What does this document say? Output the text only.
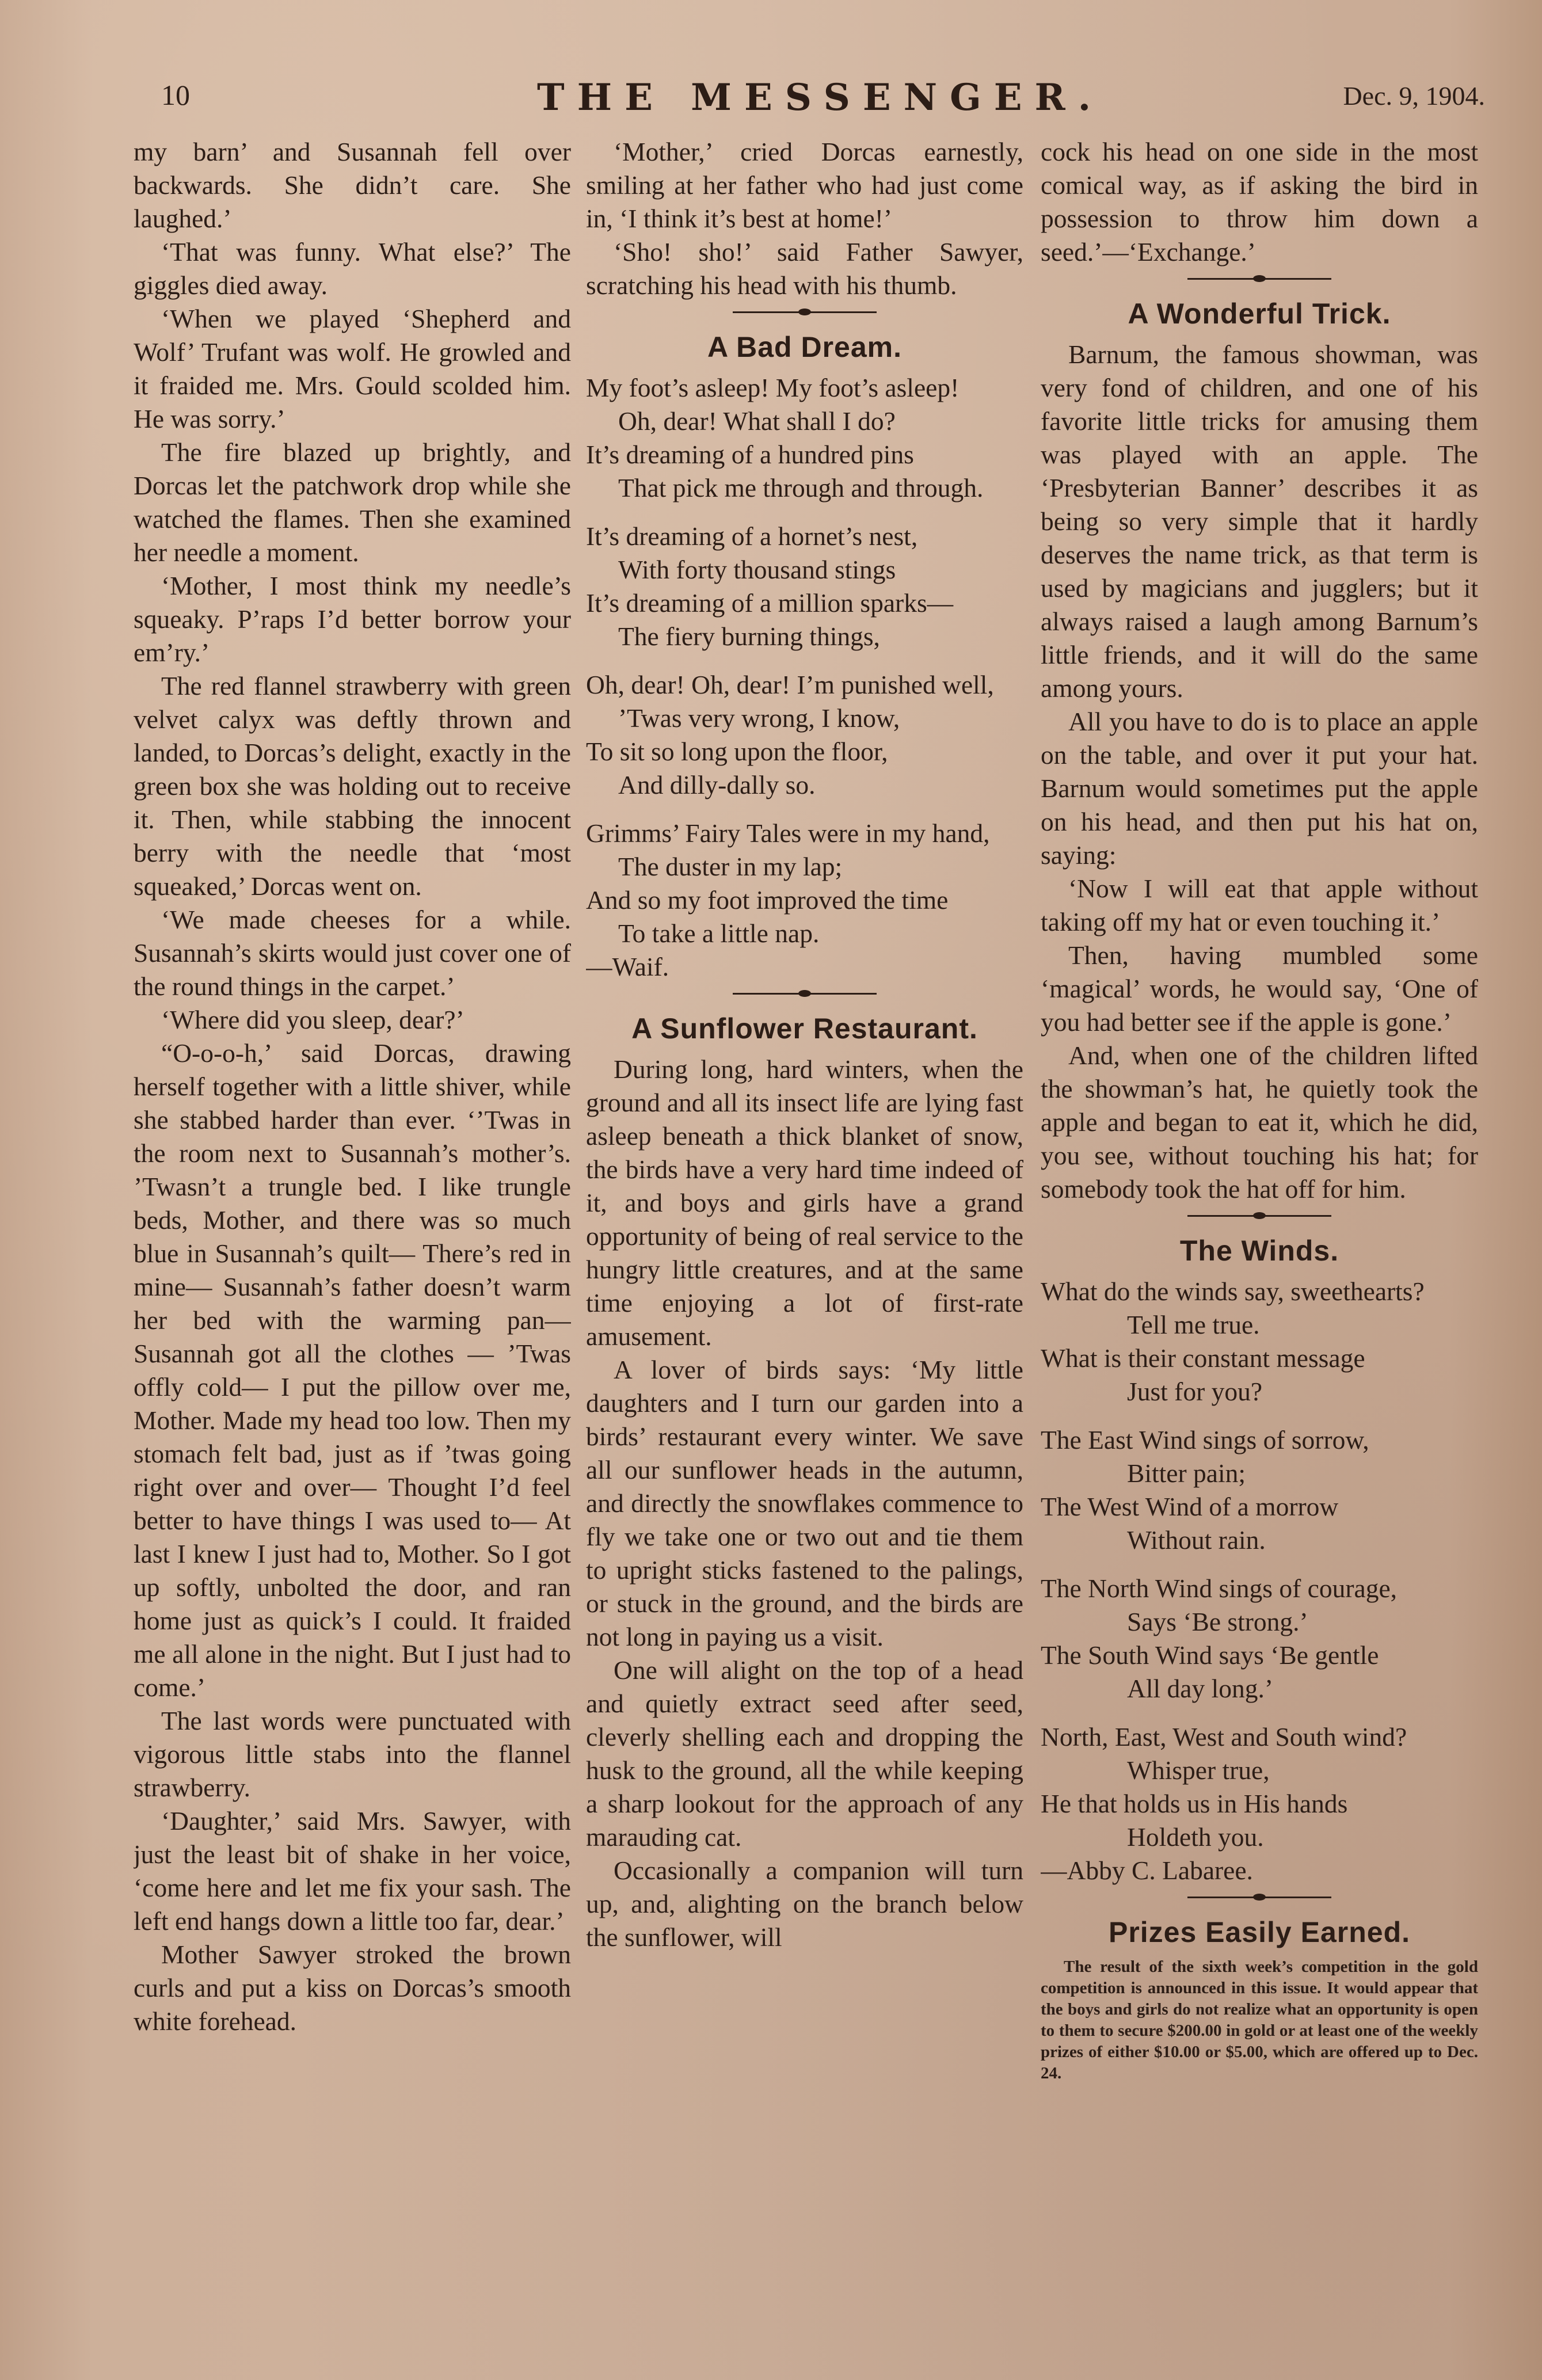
10	THE MESSENGER.	Dec. 9, 1904.

my barn’ and Susannah fell over backwards. She didn’t care. She laughed.’

‘That was funny. What else?’ The giggles died away.

‘When we played ‘Shepherd and Wolf’ Trufant was wolf. He growled and it fraided me. Mrs. Gould scolded him. He was sorry.’

The fire blazed up brightly, and Dorcas let the patchwork drop while she watched the flames. Then she examined her needle a moment.

‘Mother, I most think my needle’s squeaky. P’raps I’d better borrow your em’ry.’

The red flannel strawberry with green velvet calyx was deftly thrown and landed, to Dorcas’s delight, exactly in the green box she was holding out to receive it. Then, while stabbing the innocent berry with the needle that ‘most squeaked,’ Dorcas went on.

‘We made cheeses for a while. Susannah’s skirts would just cover one of the round things in the carpet.’

‘Where did you sleep, dear?’

“O-o-o-h,’ said Dorcas, drawing herself together with a little shiver, while she stabbed harder than ever. ‘’Twas in the room next to Susannah’s mother’s. ’Twasn’t a trungle bed. I like trungle beds, Mother, and there was so much blue in Susannah’s quilt— There’s red in mine— Susannah’s father doesn’t warm her bed with the warming pan— Susannah got all the clothes — ’Twas offly cold— I put the pillow over me, Mother. Made my head too low. Then my stomach felt bad, just as if ’twas going right over and over— Thought I’d feel better to have things I was used to— At last I knew I just had to, Mother. So I got up softly, unbolted the door, and ran home just as quick’s I could. It fraided me all alone in the night. But I just had to come.’

The last words were punctuated with vigorous little stabs into the flannel strawberry.

‘Daughter,’ said Mrs. Sawyer, with just the least bit of shake in her voice, ‘come here and let me fix your sash. The left end hangs down a little too far, dear.’

Mother Sawyer stroked the brown curls and put a kiss on Dorcas’s smooth white forehead.

‘Mother,’ cried Dorcas earnestly, smiling at her father who had just come in, ‘I think it’s best at home!’

‘Sho! sho!’ said Father Sawyer, scratching his head with his thumb.

A Bad Dream.
My foot’s asleep! My foot’s asleep!
Oh, dear! What shall I do?
It’s dreaming of a hundred pins
That pick me through and through.
It’s dreaming of a hornet’s nest,
With forty thousand stings
It’s dreaming of a million sparks—
The fiery burning things,
Oh, dear! Oh, dear! I’m punished well,
’Twas very wrong, I know,
To sit so long upon the floor,
And dilly-dally so.
Grimms’ Fairy Tales were in my hand,
The duster in my lap;
And so my foot improved the time
To take a little nap.
—Waif.
A Sunflower Restaurant.

During long, hard winters, when the ground and all its insect life are lying fast asleep beneath a thick blanket of snow, the birds have a very hard time indeed of it, and boys and girls have a grand opportunity of being of real service to the hungry little creatures, and at the same time enjoying a lot of first-rate amusement.

A lover of birds says: ‘My little daughters and I turn our garden into a birds’ restaurant every winter. We save all our sunflower heads in the autumn, and directly the snowflakes commence to fly we take one or two out and tie them to upright sticks fastened to the palings, or stuck in the ground, and the birds are not long in paying us a visit.

One will alight on the top of a head and quietly extract seed after seed, cleverly shelling each and dropping the husk to the ground, all the while keeping a sharp lookout for the approach of any marauding cat.

Occasionally a companion will turn up, and, alighting on the branch below the sunflower, will

cock his head on one side in the most comical way, as if asking the bird in possession to throw him down a seed.’—‘Exchange.’

A Wonderful Trick.

Barnum, the famous showman, was very fond of children, and one of his favorite little tricks for amusing them was played with an apple. The ‘Presbyterian Banner’ describes it as being so very simple that it hardly deserves the name trick, as that term is used by magicians and jugglers; but it always raised a laugh among Barnum’s little friends, and it will do the same among yours.

All you have to do is to place an apple on the table, and over it put your hat. Barnum would sometimes put the apple on his head, and then put his hat on, saying:

‘Now I will eat that apple without taking off my hat or even touching it.’

Then, having mumbled some ‘magical’ words, he would say, ‘One of you had better see if the apple is gone.’

And, when one of the children lifted the showman’s hat, he quietly took the apple and began to eat it, which he did, you see, without touching his hat; for somebody took the hat off for him.

The Winds.
What do the winds say, sweethearts?
Tell me true.
What is their constant message
Just for you?
The East Wind sings of sorrow,
Bitter pain;
The West Wind of a morrow
Without rain.
The North Wind sings of courage,
Says ‘Be strong.’
The South Wind says ‘Be gentle
All day long.’
North, East, West and South wind?
Whisper true,
He that holds us in His hands
Holdeth you.
—Abby C. Labaree.
Prizes Easily Earned.

The result of the sixth week’s competition in the gold competition is announced in this issue. It would appear that the boys and girls do not realize what an opportunity is open to them to secure $200.00 in gold or at least one of the weekly prizes of either $10.00 or $5.00, which are offered up to Dec. 24.
